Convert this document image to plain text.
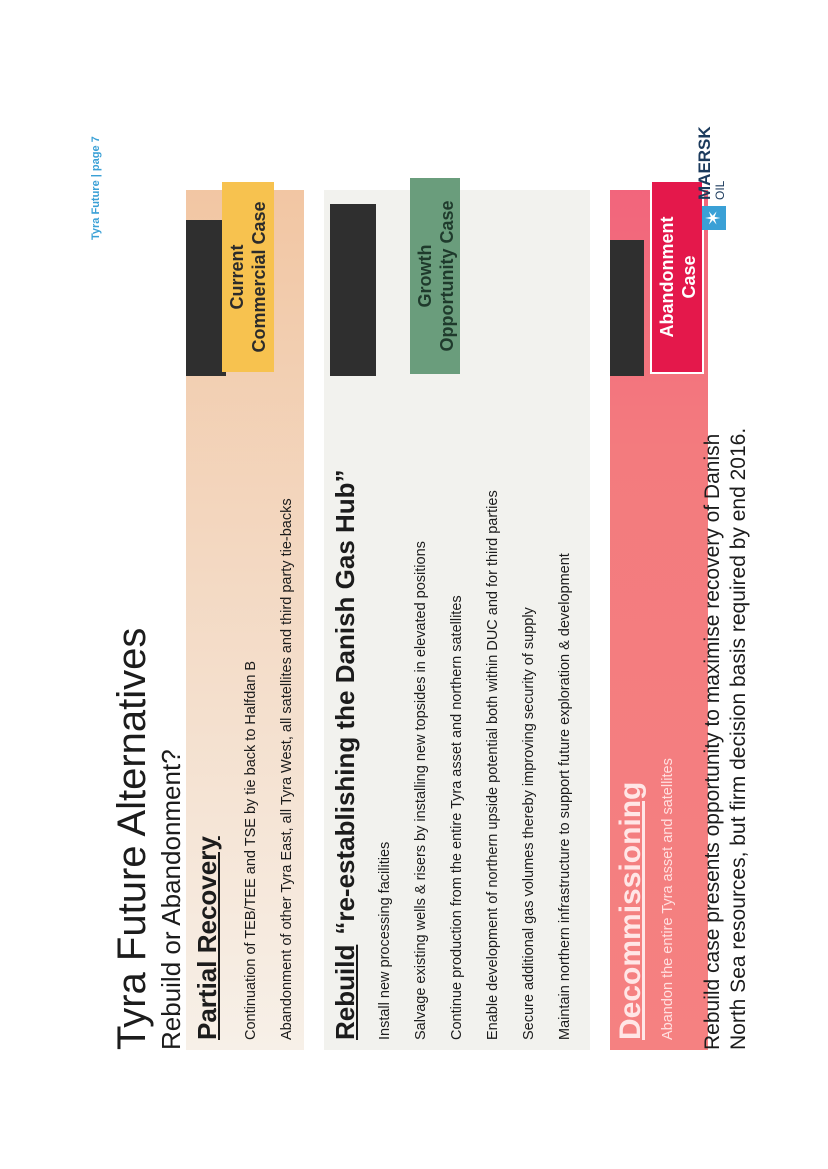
Tyra Future Alternatives Rebuild or Abandonment? Partial Recovery Continuation of TEB/TEE and TSE by tie back to Halfdan B Abandonment of other Tyra East, all Tyra West, all satellites and third party tie-backs Rebuild“re-establishing the Danish Gas Hub”
Install new processing facilities Salvage existing wells & risers by installing new topsides in elevated positions Continue production from the entire Tyra asset and northern satellites Enable development of northern upside potential both within DUC and for third parties Secure additional gas volumes thereby improving security of supply Maintain northern infrastructure to support future exploration & development Decommissioning Abandon the entire Tyra asset and satellites
Current Commercial Case	Growth Opportunity Case	Abandonment Case
Rebuild case presents opportunity to maximise recovery of Danish North Sea resources, but firm decision basis required by end 2016.
✶
MAERSK OIL
Tyra Future | page 7
